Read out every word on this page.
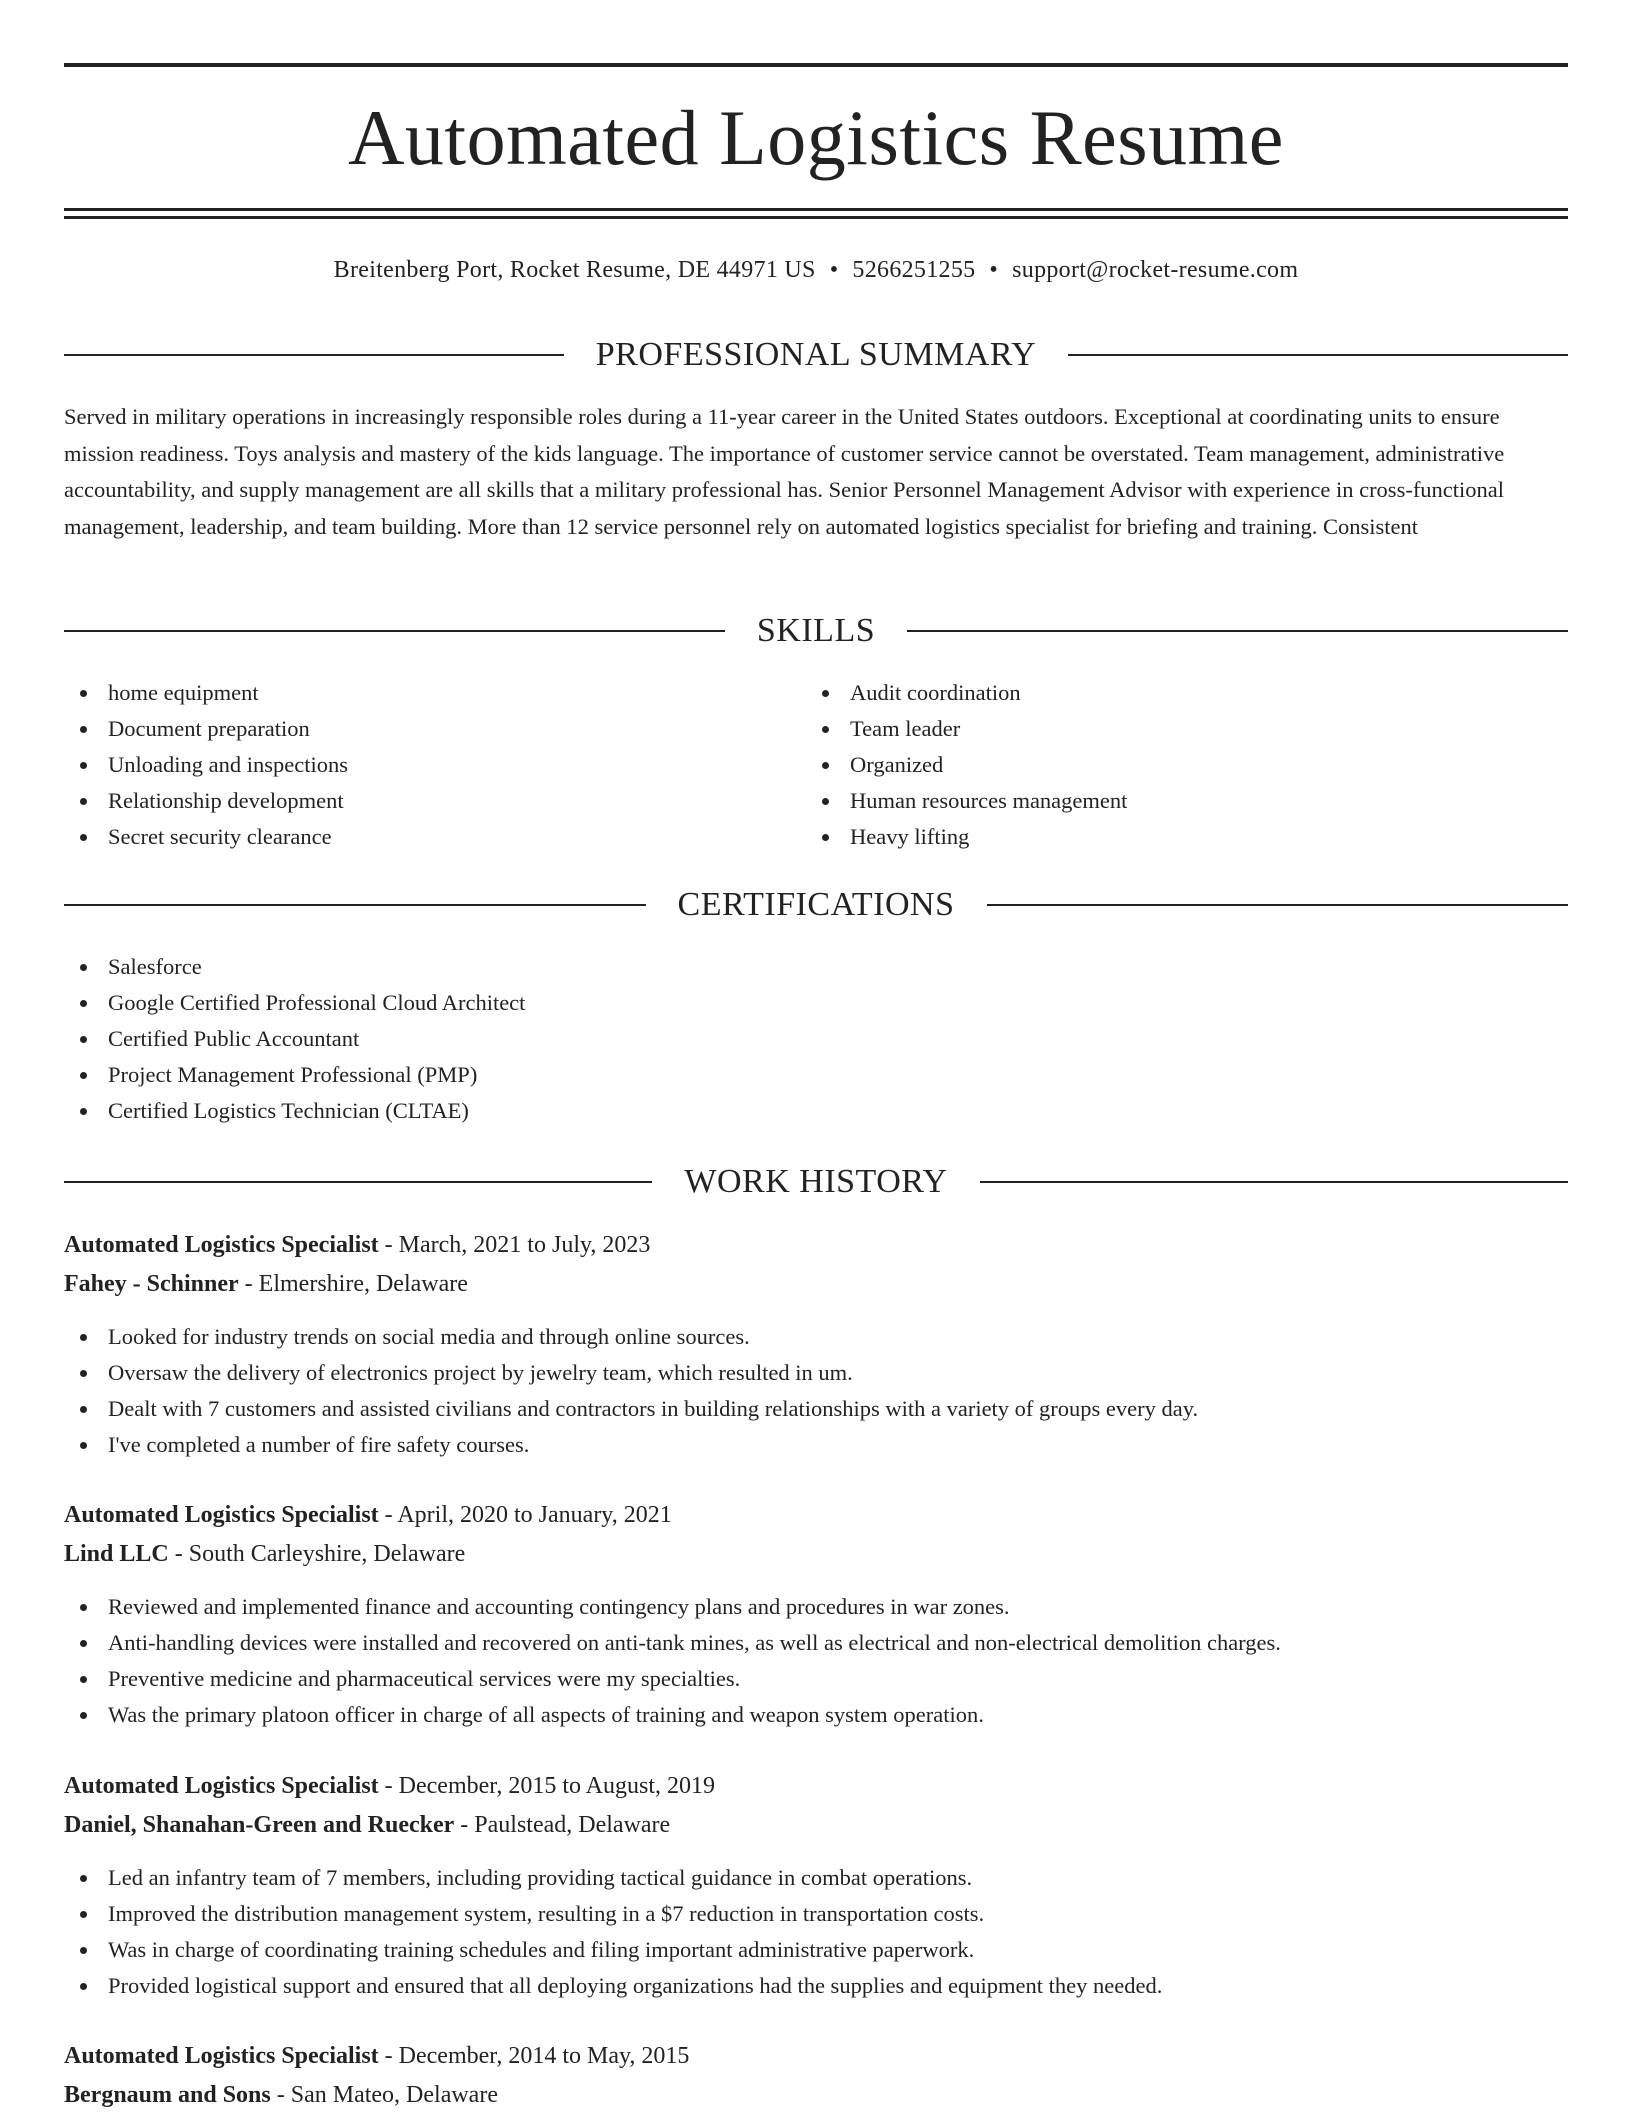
Automated Logistics Resume
Breitenberg Port, Rocket Resume, DE 44971 US • 5266251255 • support@rocket-resume.com
PROFESSIONAL SUMMARY

Served in military operations in increasingly responsible roles during a 11-year career in the United States outdoors. Exceptional at coordinating units to ensure mission readiness. Toys analysis and mastery of the kids language. The importance of customer service cannot be overstated. Team management, administrative accountability, and supply management are all skills that a military professional has. Senior Personnel Management Advisor with experience in cross-functional management, leadership, and team building. More than 12 service personnel rely on automated logistics specialist for briefing and training. Consistent

SKILLS
home equipment
Document preparation
Unloading and inspections
Relationship development
Secret security clearance
Audit coordination
Team leader
Organized
Human resources management
Heavy lifting
CERTIFICATIONS
Salesforce
Google Certified Professional Cloud Architect
Certified Public Accountant
Project Management Professional (PMP)
Certified Logistics Technician (CLTAE)
WORK HISTORY
Automated Logistics Specialist - March, 2021 to July, 2023
Fahey - Schinner - Elmershire, Delaware
Looked for industry trends on social media and through online sources.
Oversaw the delivery of electronics project by jewelry team, which resulted in um.
Dealt with 7 customers and assisted civilians and contractors in building relationships with a variety of groups every day.
I've completed a number of fire safety courses.
Automated Logistics Specialist - April, 2020 to January, 2021
Lind LLC - South Carleyshire, Delaware
Reviewed and implemented finance and accounting contingency plans and procedures in war zones.
Anti-handling devices were installed and recovered on anti-tank mines, as well as electrical and non-electrical demolition charges.
Preventive medicine and pharmaceutical services were my specialties.
Was the primary platoon officer in charge of all aspects of training and weapon system operation.
Automated Logistics Specialist - December, 2015 to August, 2019
Daniel, Shanahan-Green and Ruecker - Paulstead, Delaware
Led an infantry team of 7 members, including providing tactical guidance in combat operations.
Improved the distribution management system, resulting in a $7 reduction in transportation costs.
Was in charge of coordinating training schedules and filing important administrative paperwork.
Provided logistical support and ensured that all deploying organizations had the supplies and equipment they needed.
Automated Logistics Specialist - December, 2014 to May, 2015
Bergnaum and Sons - San Mateo, Delaware
